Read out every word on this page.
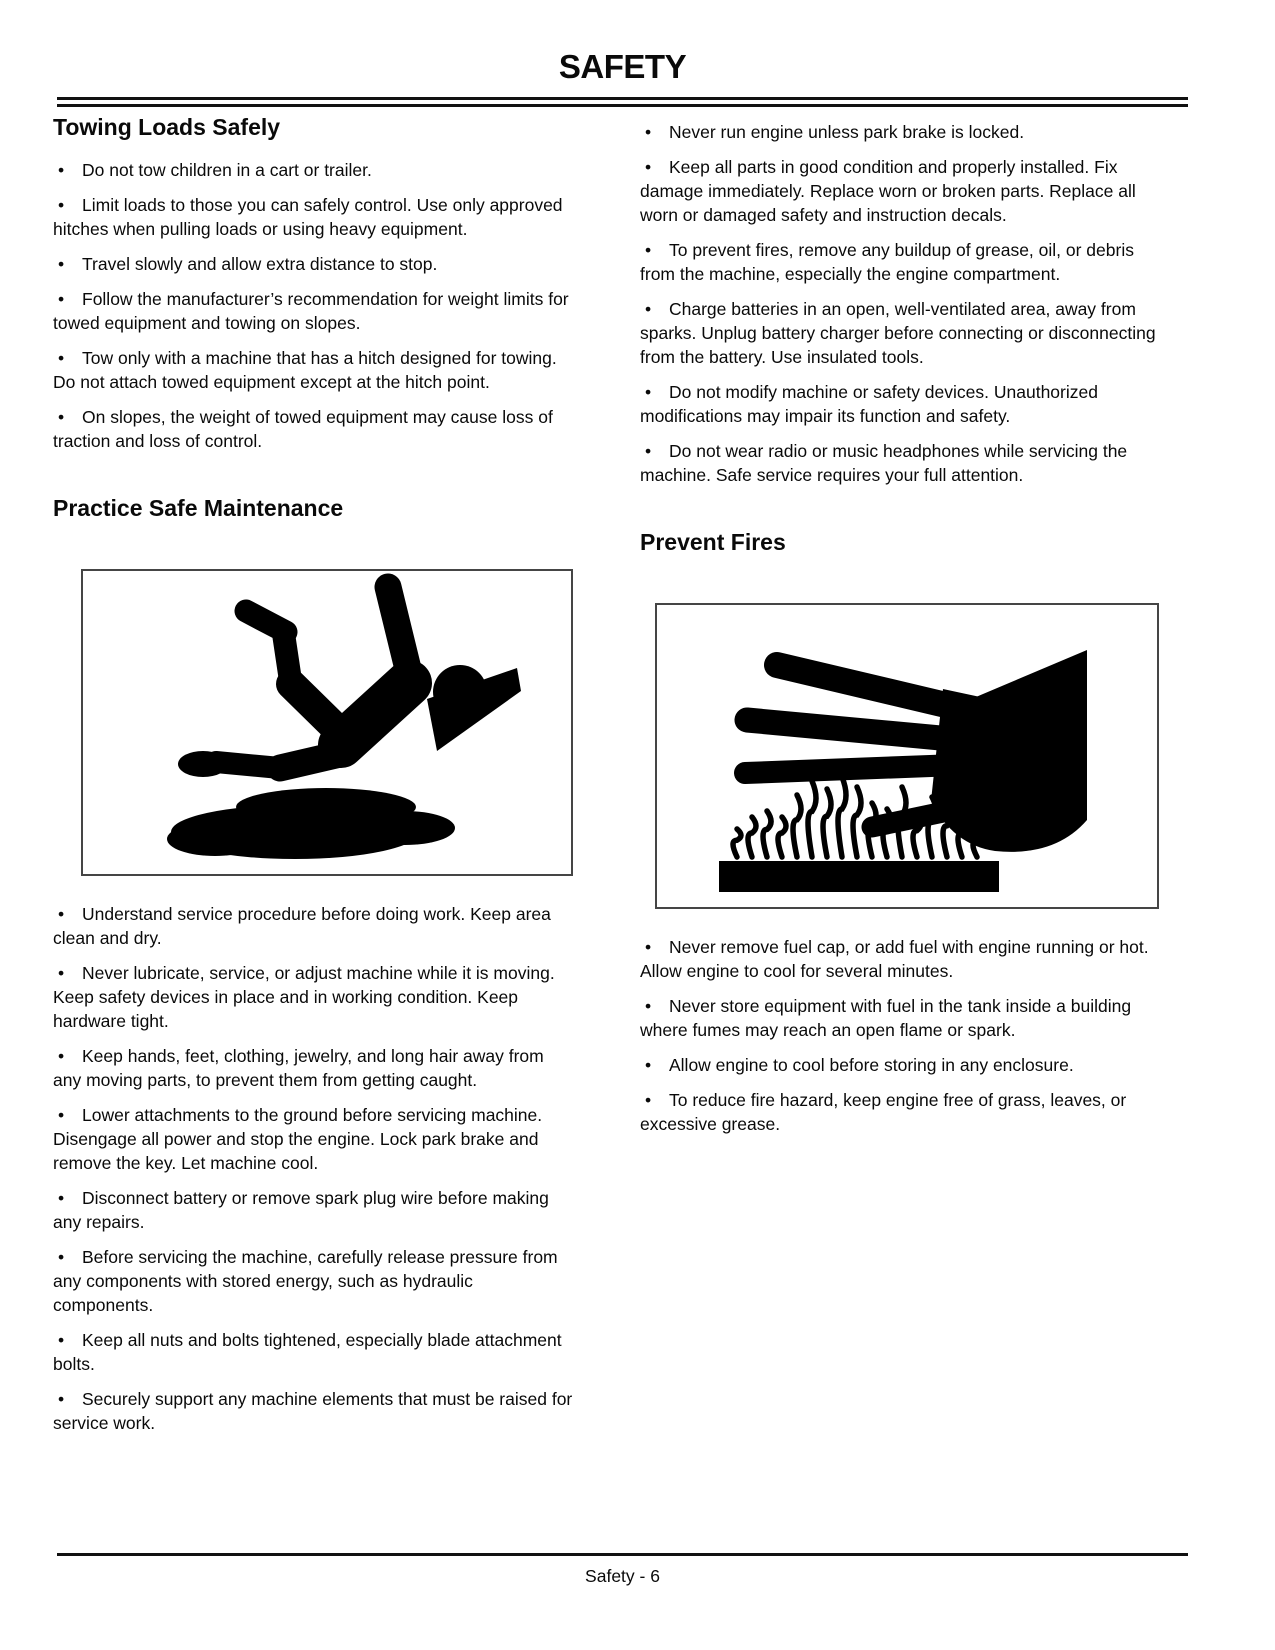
SAFETY
Towing Loads Safely

• Do not tow children in a cart or trailer.

• Limit loads to those you can safely control. Use only approved hitches when pulling loads or using heavy equipment.

• Travel slowly and allow extra distance to stop.

• Follow the manufacturer’s recommendation for weight limits for towed equipment and towing on slopes.

• Tow only with a machine that has a hitch designed for towing. Do not attach towed equipment except at the hitch point.

• On slopes, the weight of towed equipment may cause loss of traction and loss of control.

Practice Safe Maintenance

• Understand service procedure before doing work. Keep area clean and dry.

• Never lubricate, service, or adjust machine while it is moving. Keep safety devices in place and in working condition. Keep hardware tight.

• Keep hands, feet, clothing, jewelry, and long hair away from any moving parts, to prevent them from getting caught.

• Lower attachments to the ground before servicing machine. Disengage all power and stop the engine. Lock park brake and remove the key. Let machine cool.

• Disconnect battery or remove spark plug wire before making any repairs.

• Before servicing the machine, carefully release pressure from any components with stored energy, such as hydraulic components.

• Keep all nuts and bolts tightened, especially blade attachment bolts.

• Securely support any machine elements that must be raised for service work.

• Never run engine unless park brake is locked.

• Keep all parts in good condition and properly installed. Fix damage immediately. Replace worn or broken parts. Replace all worn or damaged safety and instruction decals.

• To prevent fires, remove any buildup of grease, oil, or debris from the machine, especially the engine compartment.

• Charge batteries in an open, well-ventilated area, away from sparks. Unplug battery charger before connecting or disconnecting from the battery. Use insulated tools.

• Do not modify machine or safety devices. Unauthorized modifications may impair its function and safety.

• Do not wear radio or music headphones while servicing the machine. Safe service requires your full attention.

Prevent Fires

• Never remove fuel cap, or add fuel with engine running or hot. Allow engine to cool for several minutes.

• Never store equipment with fuel in the tank inside a building where fumes may reach an open flame or spark.

• Allow engine to cool before storing in any enclosure.

• To reduce fire hazard, keep engine free of grass, leaves, or excessive grease.

Safety - 6
